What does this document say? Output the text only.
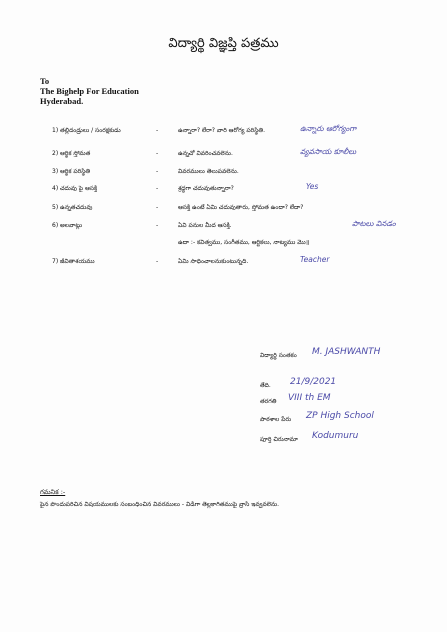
విద్యార్థి విజ్ఞప్తి పత్రము
To
The Bighelp For Education
Hyderabad.
1) తల్లిదండ్రులు / సంరక్షకుడు	-	ఉన్నారా? లేరా? వారి ఆరోగ్య పరిస్థితి.	ఉన్నారు ఆరోగ్యంగా
2) ఆర్థిక స్తోమత	-	ఉన్నచో వివరించవలెను.	వ్యవసాయ కూలీలు
3) ఆర్థిక పరిస్థితి	-	వివరములు తెలుపవలెను.
4) చదువు పై ఆసక్తి	-	శ్రద్ధగా చదువుతున్నారా?	Yes
5) ఉన్నతచదువు	-	ఆసక్తి ఉంటే ఏమి చదువుతారు, స్తోమత ఉందా? లేదా?
6) అలవాట్లు	-	ఏవి పనుల మీద ఆసక్తి.	పాటలు వినడం
ఉదా :- కవిత్వము, సంగీతము, ఆర్టికలు, నాట్యము మొ॥
7) జీవితాశయము	-	ఏమి సాధించాలనుకుంటున్నది.	Teacher
విద్యార్థి సంతకం M. JASHWANTH
తేది. 21/9/2021
తరగతి VIII th EM
పాఠశాల పేరు ZP High School
పూర్తి చిరునామా Kodumuru
గమనిక :-
పైన పొందుపరిచిన విషయములకు సంబంధించిన వివరములు - విడిగా తెల్లకాగితముపై వ్రాసి ఇవ్వవలెను.
